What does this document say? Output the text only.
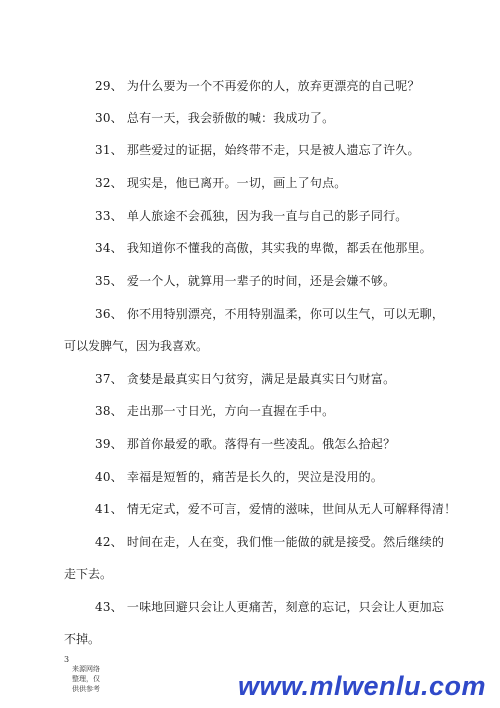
29、 为什么要为一个不再爱你的人，放弃更漂亮的自己呢？
30、 总有一天，我会骄傲的喊：我成功了。
31、 那些爱过的证据，始终带不走，只是被人遗忘了许久。
32、 现实是，他已离开。一切，画上了句点。
33、 单人旅途不会孤独，因为我一直与自己的影子同行。
34、 我知道你不懂我的高傲，其实我的卑微，都丢在他那里。
35、 爱一个人，就算用一辈子的时间，还是会嫌不够。
36、 你不用特别漂亮，不用特别温柔，你可以生气，可以无聊，
可以发脾气，因为我喜欢。
37、 贪婪是最真实日勺贫穷，满足是最真实日勺财富。
38、 走出那一寸日光，方向一直握在手中。
39、 那首你最爱的歌。落得有一些凌乱。俄怎么拾起？
40、 幸福是短暂的，痛苦是长久的，哭泣是没用的。
41、 情无定式，爱不可言，爱情的滋味，世间从无人可解释得清！
42、 时间在走，人在变，我们惟一能做的就是接受。然后继续的
走下去。
43、 一味地回避只会让人更痛苦，刻意的忘记，只会让人更加忘
不掉。
3
来源网络整理，仅供供参考	www.mlwenlu.com
